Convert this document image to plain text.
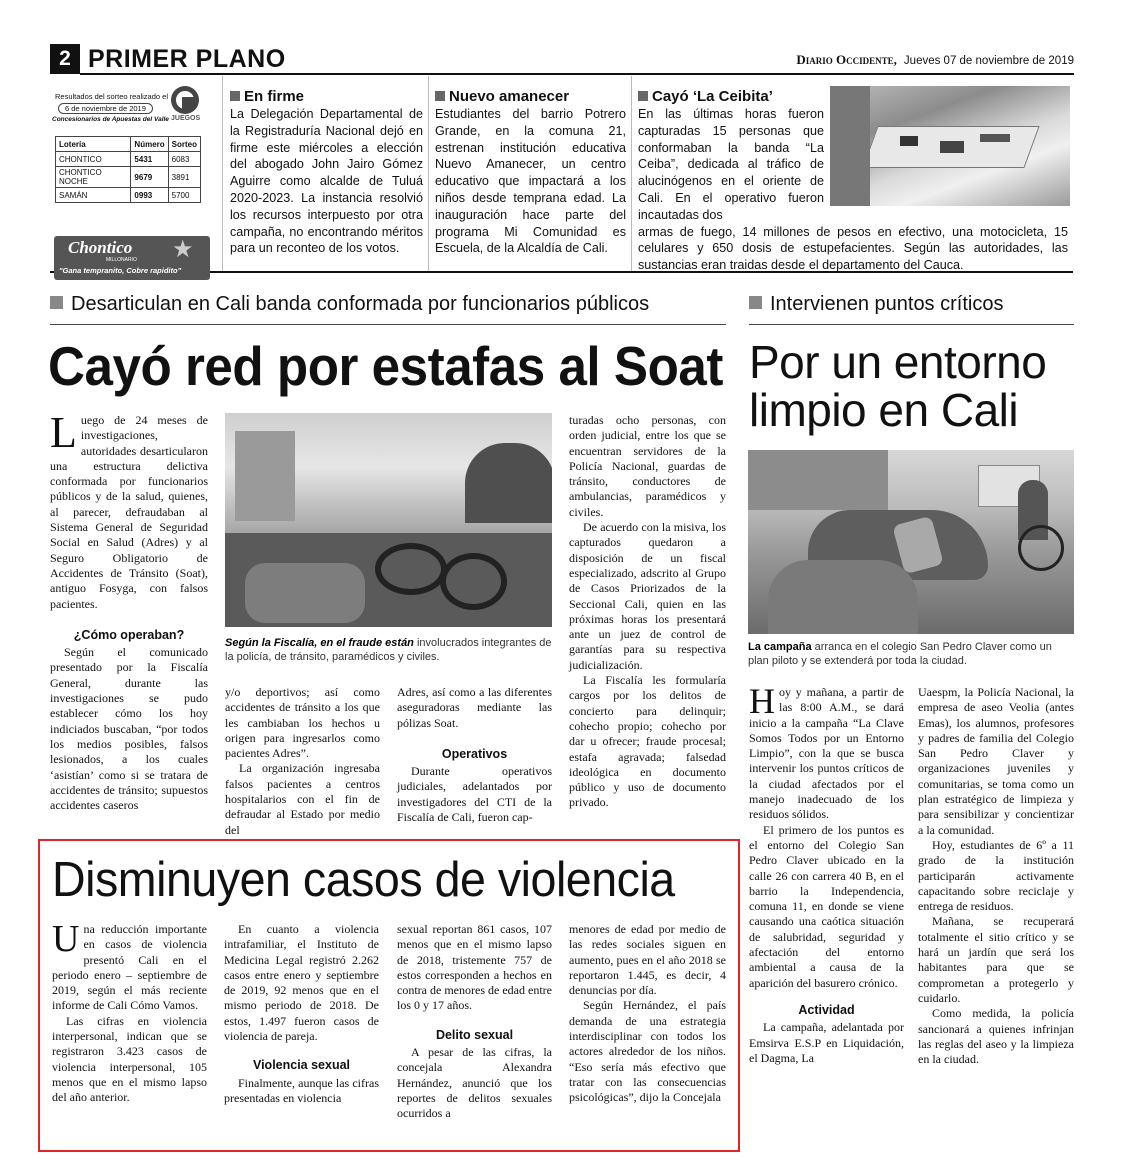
2 PRIMER PLANO	Diario Occidente, Jueves 07 de noviembre de 2019
Resultados del sorteo realizado el
6 de noviembre de 2019
Concesionarios de Apuestas del Valle JUEGOS
Lotería	Número	Sorteo
CHONTICO	5431	6083
CHONTICO NOCHE	9679	3891
SAMÁN	0993	5700
Chontico
MILLONARIO ★
"Gana tempranito, Cobre rapidito"
En firme

La Delegación Departamental de la Registraduría Nacional dejó en firme este miércoles a elección del abogado John Jairo Gómez Aguirre como alcalde de Tuluá 2020-2023. La instancia resolvió los recursos interpuesto por otra campaña, no encontrando méritos para un reconteo de los votos.

Nuevo amanecer

Estudiantes del barrio Potrero Grande, en la comuna 21, estrenan institución educativa Nuevo Amanecer, un centro educativo que impactará a los niños desde temprana edad. La inauguración hace parte del programa Mi Comunidad es Escuela, de la Alcaldía de Cali.

Cayó ‘La Ceibita’

En las últimas horas fueron capturadas 15 personas que conformaban la banda “La Ceiba”, dedicada al tráfico de alucinógenos en el oriente de Cali. En el operativo fueron incautadas dos

armas de fuego, 14 millones de pesos en efectivo, una motocicleta, 15 celulares y 650 dosis de estupefacientes. Según las autoridades, las sustancias eran traidas desde el departamento del Cauca.

Desarticulan en Cali banda conformada por funcionarios públicos
Cayó red por estafas al Soat

Luego de 24 meses de investigaciones, autoridades desarticularon una estructura delictiva conformada por funcionarios públicos y de la salud, quienes, al parecer, defraudaban al Sistema General de Seguridad Social en Salud (Adres) y al Seguro Obligatorio de Accidentes de Tránsito (Soat), antiguo Fosyga, con falsos pacientes.

¿Cómo operaban?

Según el comunicado presentado por la Fiscalía General, durante las investigaciones se pudo establecer cómo los hoy indiciados buscaban, “por todos los medios posibles, falsos lesionados, a los cuales ‘asistían’ como si se tratara de accidentes de tránsito; supuestos accidentes caseros

Según la Fiscalía, en el fraude están involucrados integrantes de la policía, de tránsito, paramédicos y civiles.

y/o deportivos; así como accidentes de tránsito a los que les cambiaban los hechos u origen para ingresarlos como pacientes Adres”.

La organización ingresaba falsos pacientes a centros hospitalarios con el fin de defraudar al Estado por medio del

Adres, así como a las diferentes aseguradoras mediante las pólizas Soat.

Operativos

Durante operativos judiciales, adelantados por investigadores del CTI de la Fiscalía de Cali, fueron cap-

turadas ocho personas, con orden judicial, entre los que se encuentran servidores de la Policía Nacional, guardas de tránsito, conductores de ambulancias, paramédicos y civiles.

De acuerdo con la misiva, los capturados quedaron a disposición de un fiscal especializado, adscrito al Grupo de Casos Priorizados de la Seccional Cali, quien en las próximas horas los presentará ante un juez de control de garantías para su respectiva judicialización.

La Fiscalía les formularía cargos por los delitos de concierto para delinquir; cohecho propio; cohecho por dar u ofrecer; fraude procesal; estafa agravada; falsedad ideológica en documento público y uso de documento privado.

Disminuyen casos de violencia

Una reducción importante en casos de violencia presentó Cali en el periodo enero – septiembre de 2019, según el más reciente informe de Cali Cómo Vamos.

Las cifras en violencia interpersonal, indican que se registraron 3.423 casos de violencia interpersonal, 105 menos que en el mismo lapso del año anterior.

En cuanto a violencia intrafamiliar, el Instituto de Medicina Legal registró 2.262 casos entre enero y septiembre de 2019, 92 menos que en el mismo periodo de 2018. De estos, 1.497 fueron casos de violencia de pareja.

Violencia sexual

Finalmente, aunque las cifras presentadas en violencia

sexual reportan 861 casos, 107 menos que en el mismo lapso de 2018, tristemente 757 de estos corresponden a hechos en contra de menores de edad entre los 0 y 17 años.

Delito sexual

A pesar de las cifras, la concejala Alexandra Hernández, anunció que los reportes de delitos sexuales ocurridos a

menores de edad por medio de las redes sociales siguen en aumento, pues en el año 2018 se reportaron 1.445, es decir, 4 denuncias por día.

Según Hernández, el país demanda de una estrategia interdisciplinar con todos los actores alrededor de los niños. “Eso sería más efectivo que tratar con las consecuencias psicológicas”, dijo la Concejala

Intervienen puntos críticos
Por un entorno limpio en Cali
La campaña arranca en el colegio San Pedro Claver como un plan piloto y se extenderá por toda la ciudad.

Hoy y mañana, a partir de las 8:00 A.M., se dará inicio a la campaña “La Clave Somos Todos por un Entorno Limpio”, con la que se busca intervenir los puntos críticos de la ciudad afectados por el manejo inadecuado de los residuos sólidos.

El primero de los puntos es el entorno del Colegio San Pedro Claver ubicado en la calle 26 con carrera 40 B, en el barrio la Independencia, comuna 11, en donde se viene causando una caótica situación de salubridad, seguridad y afectación del entorno ambiental a causa de la aparición del basurero crónico.

Actividad

La campaña, adelantada por Emsirva E.S.P en Liquidación, el Dagma, La

Uaespm, la Policía Nacional, la empresa de aseo Veolia (antes Emas), los alumnos, profesores y padres de familia del Colegio San Pedro Claver y organizaciones juveniles y comunitarias, se toma como un plan estratégico de limpieza y para sensibilizar y concientizar a la comunidad.

Hoy, estudiantes de 6º a 11 grado de la institución participarán activamente capacitando sobre reciclaje y entrega de residuos.

Mañana, se recuperará totalmente el sitio crítico y se hará un jardín que será los habitantes para que se comprometan a protegerlo y cuidarlo.

Como medida, la policía sancionará a quienes infrinjan las reglas del aseo y la limpieza en la ciudad.
